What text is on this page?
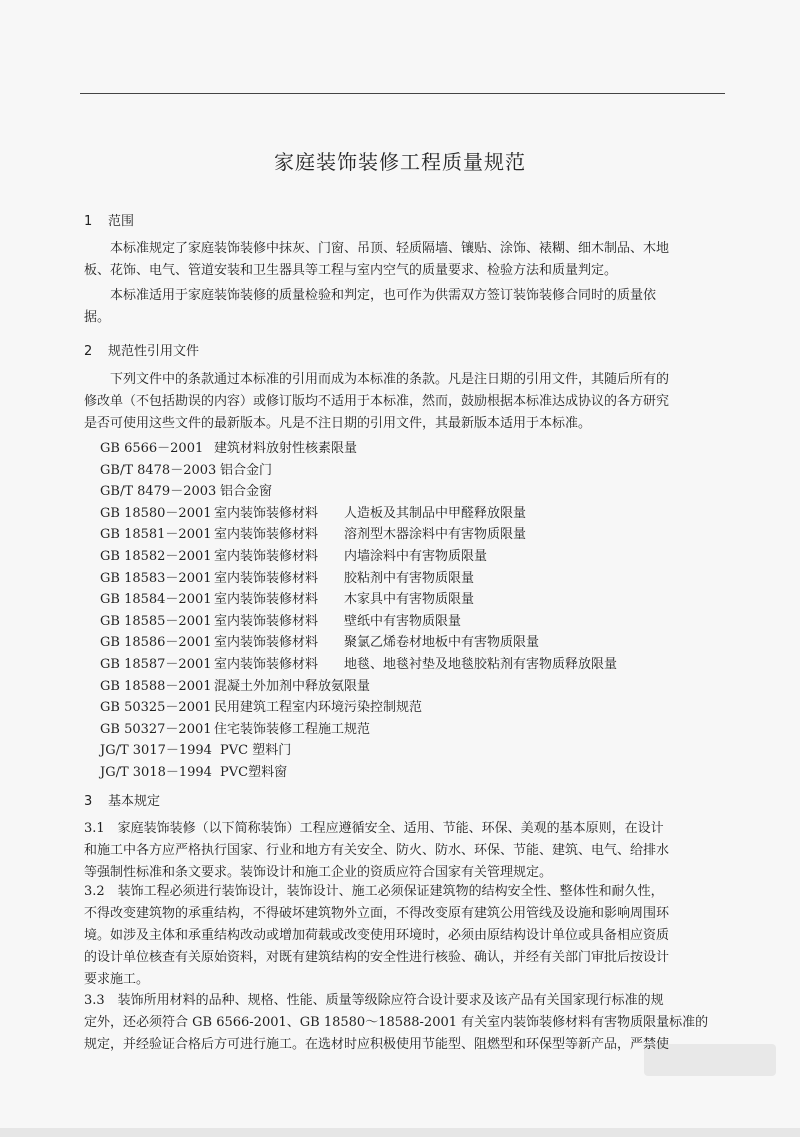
家庭装饰装修工程质量规范
1 范围
　　本标准规定了家庭装饰装修中抹灰、门窗、吊顶、轻质隔墙、镶贴、涂饰、裱糊、细木制品、木地
板、花饰、电气、管道安装和卫生器具等工程与室内空气的质量要求、检验方法和质量判定。
　　本标准适用于家庭装饰装修的质量检验和判定，也可作为供需双方签订装饰装修合同时的质量依
据。
2 规范性引用文件
　　下列文件中的条款通过本标准的引用而成为本标准的条款。凡是注日期的引用文件，其随后所有的
修改单（不包括勘误的内容）或修订版均不适用于本标准，然而，鼓励根据本标准达成协议的各方研究
是否可使用这些文件的最新版本。凡是不注日期的引用文件，其最新版本适用于本标准。
GB 6566－2001 建筑材料放射性核素限量
GB/T 8478－2003 铝合金门
GB/T 8479－2003 铝合金窗
GB 18580－2001 室内装饰装修材料	人造板及其制品中甲醛释放限量
GB 18581－2001 室内装饰装修材料	溶剂型木器涂料中有害物质限量
GB 18582－2001 室内装饰装修材料	内墙涂料中有害物质限量
GB 18583－2001 室内装饰装修材料	胶粘剂中有害物质限量
GB 18584－2001 室内装饰装修材料	木家具中有害物质限量
GB 18585－2001 室内装饰装修材料	壁纸中有害物质限量
GB 18586－2001 室内装饰装修材料	聚氯乙烯卷材地板中有害物质限量
GB 18587－2001 室内装饰装修材料	地毯、地毯衬垫及地毯胶粘剂有害物质释放限量
GB 18588－2001 混凝土外加剂中释放氨限量
GB 50325－2001 民用建筑工程室内环境污染控制规范
GB 50327－2001 住宅装饰装修工程施工规范
JG/T 3017－1994 PVC 塑料门
JG/T 3018－1994 PVC塑料窗
3 基本规定
3.1　家庭装饰装修（以下简称装饰）工程应遵循安全、适用、节能、环保、美观的基本原则，在设计
和施工中各方应严格执行国家、行业和地方有关安全、防火、防水、环保、节能、建筑、电气、给排水
等强制性标准和条文要求。装饰设计和施工企业的资质应符合国家有关管理规定。
3.2　装饰工程必须进行装饰设计，装饰设计、施工必须保证建筑物的结构安全性、整体性和耐久性，
不得改变建筑物的承重结构，不得破坏建筑物外立面，不得改变原有建筑公用管线及设施和影响周围环
境。如涉及主体和承重结构改动或增加荷载或改变使用环境时，必须由原结构设计单位或具备相应资质
的设计单位核查有关原始资料，对既有建筑结构的安全性进行核验、确认，并经有关部门审批后按设计
要求施工。
3.3　装饰所用材料的品种、规格、性能、质量等级除应符合设计要求及该产品有关国家现行标准的规
定外，还必须符合 GB 6566-2001、GB 18580～18588-2001 有关室内装饰装修材料有害物质限量标准的
规定，并经验证合格后方可进行施工。在选材时应积极使用节能型、阻燃型和环保型等新产品，严禁使
